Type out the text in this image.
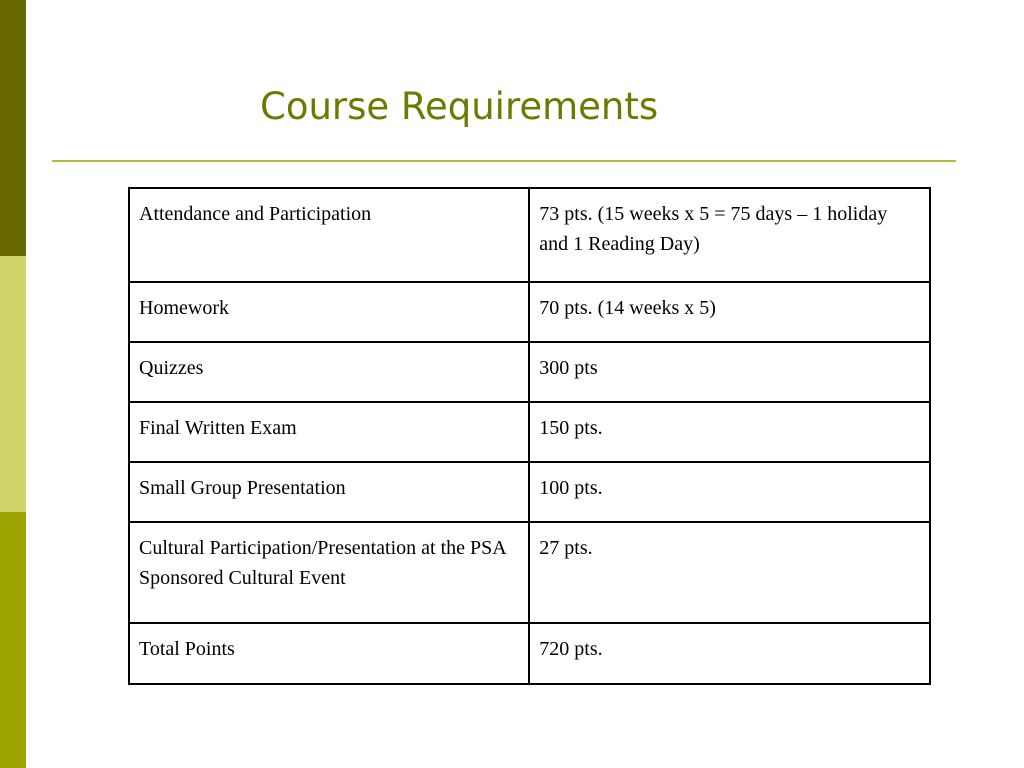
Course Requirements
Attendance and Participation	73 pts. (15 weeks x 5 = 75 days – 1 holiday and 1 Reading Day)
Homework	70 pts. (14 weeks x 5)
Quizzes	300 pts
Final Written Exam	150 pts.
Small Group Presentation	100 pts.
Cultural Participation/Presentation at the PSA Sponsored Cultural Event	27 pts.
Total Points	720 pts.
